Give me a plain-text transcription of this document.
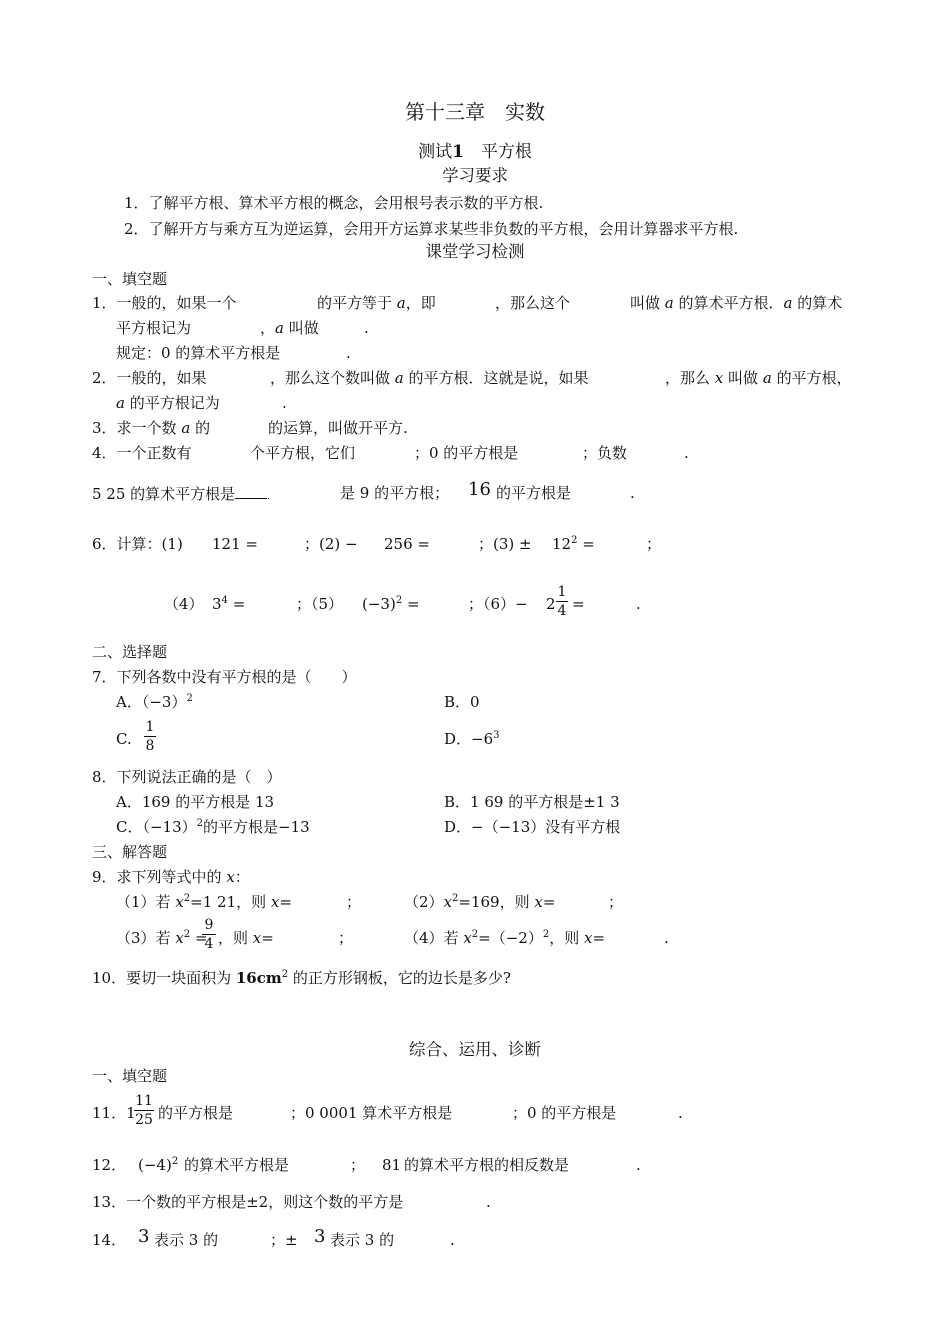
第十三章　实数
测试1　 平方根
学习要求
1．了解平方根、算术平方根的概念，会用根号表示数的平方根.
2．了解开方与乘方互为逆运算，会用开方运算求某些非负数的平方根，会用计算器求平方根.
课堂学习检测
一、填空题
1．一般的，如果一个	的平方等于 a，即	，那么这个	叫做 a 的算术平方根．a 的算术
平方根记为	，a 叫做	.
规定：0 的算术平方根是	.
2．一般的，如果	，那么这个数叫做 a 的平方根．这就是说，如果	，那么 x 叫做 a 的平方根，
a 的平方根记为	.
3．求一个数 a 的	的运算，叫做开平方.
4．一个正数有	个平方根，它们	；0 的平方根是	；负数	.
5 25 的算术平方根是	.	是 9 的平方根； 16 的平方根是	.
6．计算：(1) 121 =	；(2) − 256 =	；$(3) \pm 12^2$ =	；
（4） $3^4$ =	；（5） $(-3)^2$ =	；（6）− 2
1
4 =	.
二、选择题
7．下列各数中没有平方根的是（　　）
A．$(-3)^2$	B．0
C.
1
8	D．$-6^3$
8．下列说法正确的是（　）
A．169 的平方根是 13	B．1 69 的平方根是±1 3
C．$(-13)^2$的平方根是−13	D．−（−13）没有平方根
三、解答题
9．求下列等式中的 x：
（1）若 $x^2=1$ 21，则 x=	；	$(2)x^2=169$，则 x=	；
（3）若 $x^2$ =
9
4 ，则 x=	；	（4）若 $x^2=(-2)^2$，则 x=	.
10．要切一块面积为 $16cm^2$ 的正方形钢板，它的边长是多少?
综合、运用、诊断
一、填空题
11．1
11
25 的平方根是	；0 0001 算术平方根是	；0 的平方根是	.
12． $(-4)^2$ 的算术平方根是	； 81 的算术平方根的相反数是	.
13．一个数的平方根是±2，则这个数的平方是	.
14． 3 表示 3 的	；± 3 表示 3 的	.
